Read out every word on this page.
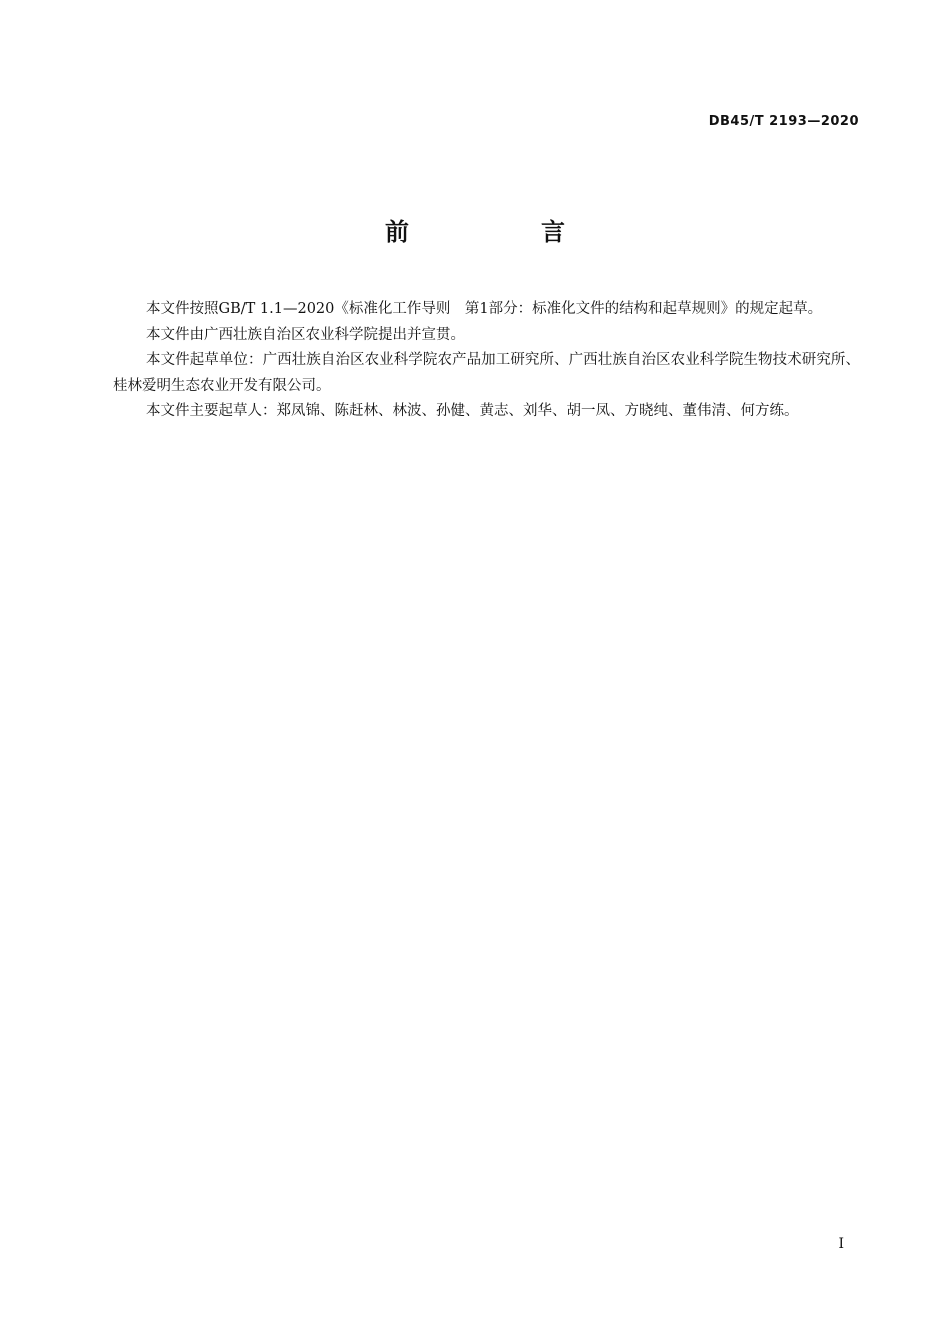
DB45/T 2193—2020
前　言

本文件按照GB/T 1.1—2020《标准化工作导则　第1部分：标准化文件的结构和起草规则》的规定起草。

本文件由广西壮族自治区农业科学院提出并宣贯。

本文件起草单位：广西壮族自治区农业科学院农产品加工研究所、广西壮族自治区农业科学院生物技术研究所、桂林爱明生态农业开发有限公司。

本文件主要起草人：郑凤锦、陈赶林、林波、孙健、黄志、刘华、胡一凤、方晓纯、董伟清、何方练。

I
